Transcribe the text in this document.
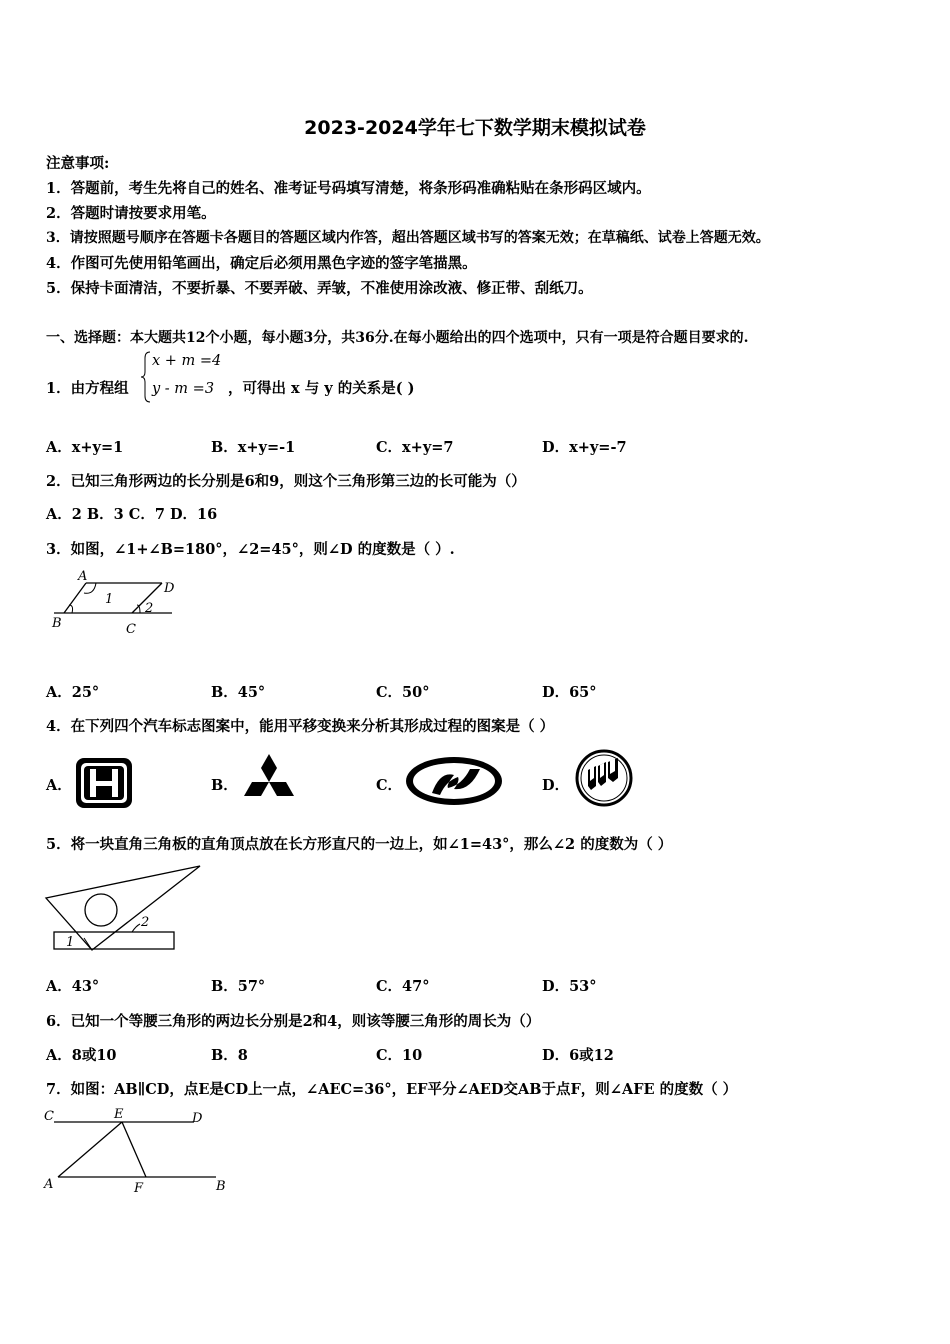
2023-2024学年七下数学期末模拟试卷
注意事项:
1．答题前，考生先将自己的姓名、准考证号码填写清楚，将条形码准确粘贴在条形码区域内。
2．答题时请按要求用笔。
3．请按照题号顺序在答题卡各题目的答题区域内作答，超出答题区域书写的答案无效；在草稿纸、试卷上答题无效。
4．作图可先使用铅笔画出，确定后必须用黑色字迹的签字笔描黑。
5．保持卡面清洁，不要折暴、不要弄破、弄皱，不准使用涂改液、修正带、刮纸刀。
一、选择题：本大题共12个小题，每小题3分，共36分.在每小题给出的四个选项中，只有一项是符合题目要求的.
1．由方程组
x + m =4
y - m =3 ，可得出 x 与 y 的关系是( )
A．x+y=1	B．x+y=-1	C．x+y=7	D．x+y=-7
2．已知三角形两边的长分别是6和9，则这个三角形第三边的长可能为（）
A．2 B．3 C．7 D．16
3．如图，∠1+∠B=180°，∠2=45°，则∠D 的度数是（ ）.
A
D
B	C
1
2
A．25°	B．45°	C．50°	D．65°
4．在下列四个汽车标志图案中，能用平移变换来分析其形成过程的图案是（ ）
A．	B．	C．	D．
5．将一块直角三角板的直角顶点放在长方形直尺的一边上，如∠1=43°，那么∠2 的度数为（ ）
1
2
A．43°	B．57°	C．47°	D．53°
6．已知一个等腰三角形的两边长分别是2和4，则该等腰三角形的周长为（）
A．8或10	B．8	C．10	D．6或12
7．如图：AB∥CD，点E是CD上一点，∠AEC=36°，EF平分∠AED交AB于点F，则∠AFE 的度数（ ）
C	E	D
A	F	B
